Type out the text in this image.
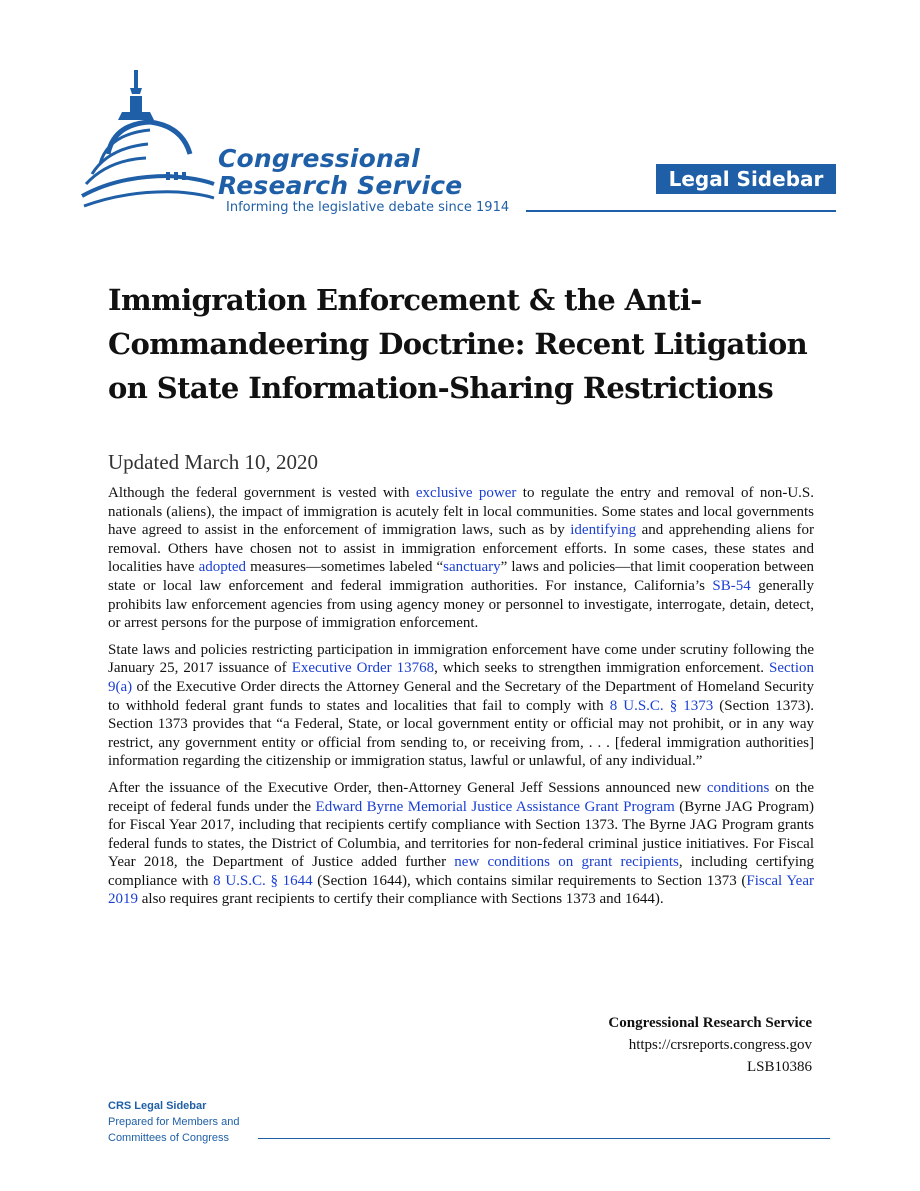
Congressional
Research Service
Informing the legislative debate since 1914
Legal Sidebar
Immigration Enforcement & the Anti-Commandeering Doctrine: Recent Litigation on State Information-Sharing Restrictions
Updated March 10, 2020

Although the federal government is vested with exclusive power to regulate the entry and removal of non-U.S. nationals (aliens), the impact of immigration is acutely felt in local communities. Some states and local governments have agreed to assist in the enforcement of immigration laws, such as by identifying and apprehending aliens for removal. Others have chosen not to assist in immigration enforcement efforts. In some cases, these states and localities have adopted measures—sometimes labeled “sanctuary” laws and policies—that limit cooperation between state or local law enforcement and federal immigration authorities. For instance, California’s SB-54 generally prohibits law enforcement agencies from using agency money or personnel to investigate, interrogate, detain, detect, or arrest persons for the purpose of immigration enforcement.

State laws and policies restricting participation in immigration enforcement have come under scrutiny following the January 25, 2017 issuance of Executive Order 13768, which seeks to strengthen immigration enforcement. Section 9(a) of the Executive Order directs the Attorney General and the Secretary of the Department of Homeland Security to withhold federal grant funds to states and localities that fail to comply with 8 U.S.C. § 1373 (Section 1373). Section 1373 provides that “a Federal, State, or local government entity or official may not prohibit, or in any way restrict, any government entity or official from sending to, or receiving from, . . . [federal immigration authorities] information regarding the citizenship or immigration status, lawful or unlawful, of any individual.”

After the issuance of the Executive Order, then-Attorney General Jeff Sessions announced new conditions on the receipt of federal funds under the Edward Byrne Memorial Justice Assistance Grant Program (Byrne JAG Program) for Fiscal Year 2017, including that recipients certify compliance with Section 1373. The Byrne JAG Program grants federal funds to states, the District of Columbia, and territories for non-federal criminal justice initiatives. For Fiscal Year 2018, the Department of Justice added further new conditions on grant recipients, including certifying compliance with 8 U.S.C. § 1644 (Section 1644), which contains similar requirements to Section 1373 (Fiscal Year 2019 also requires grant recipients to certify their compliance with Sections 1373 and 1644).

Congressional Research Service
https://crsreports.congress.gov
LSB10386
CRS Legal Sidebar
Prepared for Members and
Committees of Congress
